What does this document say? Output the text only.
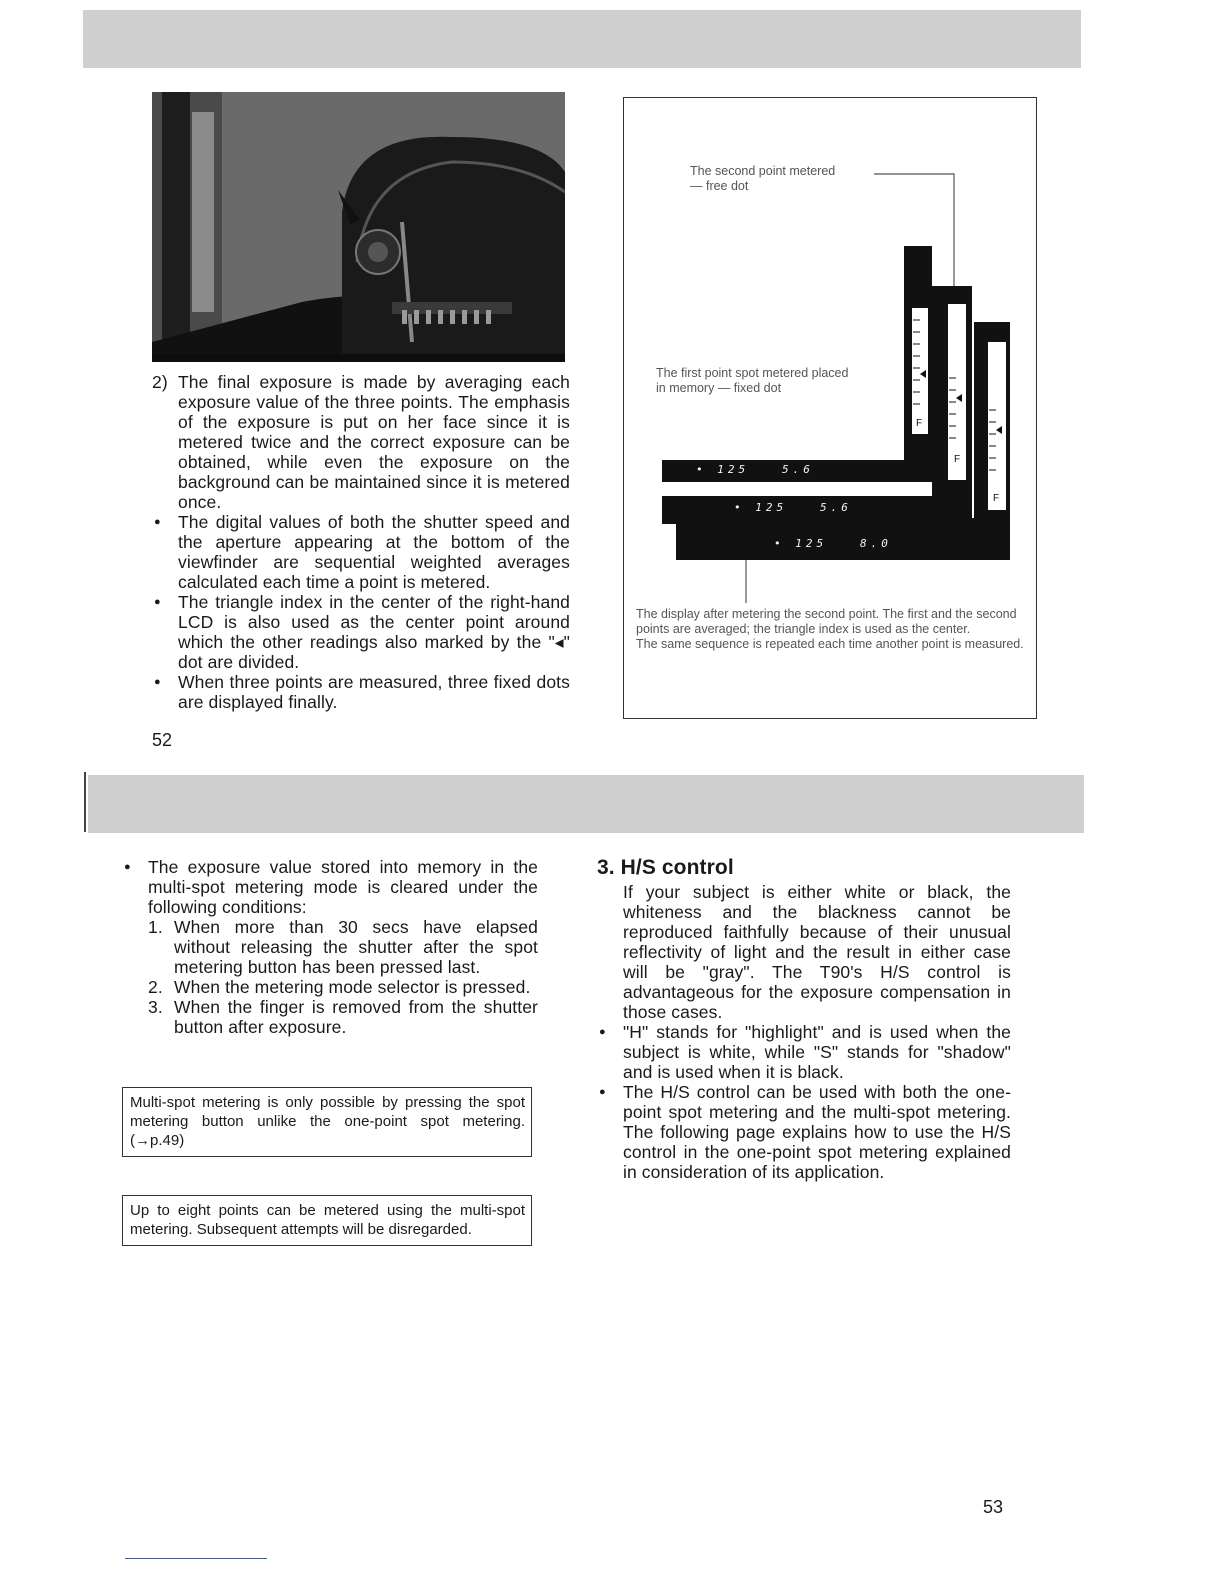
2) The final exposure is made by averaging each exposure value of the three points. The emphasis of the exposure is put on her face since it is metered twice and the correct exposure can be obtained, while even the exposure on the background can be maintained since it is metered once.

● The digital values of both the shutter speed and the aperture appearing at the bottom of the viewfinder are sequential weighted averages calculated each time a point is metered.

● The triangle index in the center of the right-hand LCD is also used as the center point around which the other readings also marked by the "◂" dot are divided.

● When three points are measured, three fixed dots are displayed finally.

52
The second point metered
— free dot
The first point spot metered placed
in memory — fixed dot
• 125	5.6
• 125	5.6
• 125	8.0
F
F
F

The display after metering the second point. The first and the second points are averaged; the triangle index is used as the center.

The same sequence is repeated each time another point is measured.

● The exposure value stored into memory in the multi-spot metering mode is cleared under the following conditions:

1. When more than 30 secs have elapsed without releasing the shutter after the spot metering button has been pressed last.
2. When the metering mode selector is pressed.
3. When the finger is removed from the shutter button after exposure.
Multi-spot metering is only possible by pressing the spot metering button unlike the one-point spot metering. (→p.49)
Up to eight points can be metered using the multi-spot metering. Subsequent attempts will be disregarded.
3. H/S control

If your subject is either white or black, the whiteness and the blackness cannot be reproduced faithfully because of their unusual reflectivity of light and the result in either case will be "gray". The T90's H/S control is advantageous for the exposure compensation in those cases.

● "H" stands for "highlight" and is used when the subject is white, while "S" stands for "shadow" and is used when it is black.

● The H/S control can be used with both the one-point spot metering and the multi-spot metering. The following page explains how to use the H/S control in the one-point spot metering explained in consideration of its application.

53
